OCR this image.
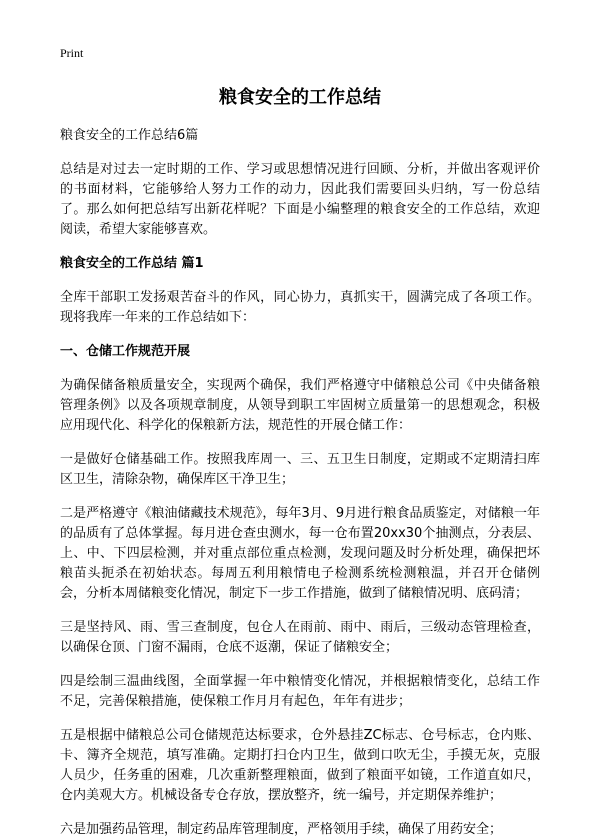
Print
粮食安全的工作总结
粮食安全的工作总结6篇

总结是对过去一定时期的工作、学习或思想情况进行回顾、分析，并做出客观评价的书面材料，它能够给人努力工作的动力，因此我们需要回头归纳，写一份总结了。那么如何把总结写出新花样呢？下面是小编整理的粮食安全的工作总结，欢迎阅读，希望大家能够喜欢。

粮食安全的工作总结 篇1

全库干部职工发扬艰苦奋斗的作风，同心协力，真抓实干，圆满完成了各项工作。现将我库一年来的工作总结如下：

一、仓储工作规范开展

为确保储备粮质量安全，实现两个确保，我们严格遵守中储粮总公司《中央储备粮管理条例》以及各项规章制度，从领导到职工牢固树立质量第一的思想观念，积极应用现代化、科学化的保粮新方法，规范性的开展仓储工作：

一是做好仓储基础工作。按照我库周一、三、五卫生日制度，定期或不定期清扫库区卫生，清除杂物，确保库区干净卫生；

二是严格遵守《粮油储藏技术规范》，每年3月、9月进行粮食品质鉴定，对储粮一年的品质有了总体掌握。每月进仓查虫测水，每一仓布置20xx30个抽测点，分表层、上、中、下四层检测，并对重点部位重点检测，发现问题及时分析处理，确保把坏粮苗头扼杀在初始状态。每周五利用粮情电子检测系统检测粮温，并召开仓储例会，分析本周储粮变化情况，制定下一步工作措施，做到了储粮情况明、底码清；

三是坚持风、雨、雪三查制度，包仓人在雨前、雨中、雨后，三级动态管理检查，以确保仓顶、门窗不漏雨，仓底不返潮，保证了储粮安全；

四是绘制三温曲线图，全面掌握一年中粮情变化情况，并根据粮情变化，总结工作不足，完善保粮措施，使保粮工作月月有起色，年年有进步；

五是根据中储粮总公司仓储规范达标要求，仓外悬挂ZC标志、仓号标志，仓内账、卡、簿齐全规范，填写准确。定期打扫仓内卫生，做到口吹无尘，手摸无灰，克服人员少，任务重的困难，几次重新整理粮面，做到了粮面平如镜，工作道直如尺，仓内美观大方。机械设备专仓存放，摆放整齐，统一编号，并定期保养维护；

六是加强药品管理，制定药品库管理制度，严格领用手续，确保了用药安全；
